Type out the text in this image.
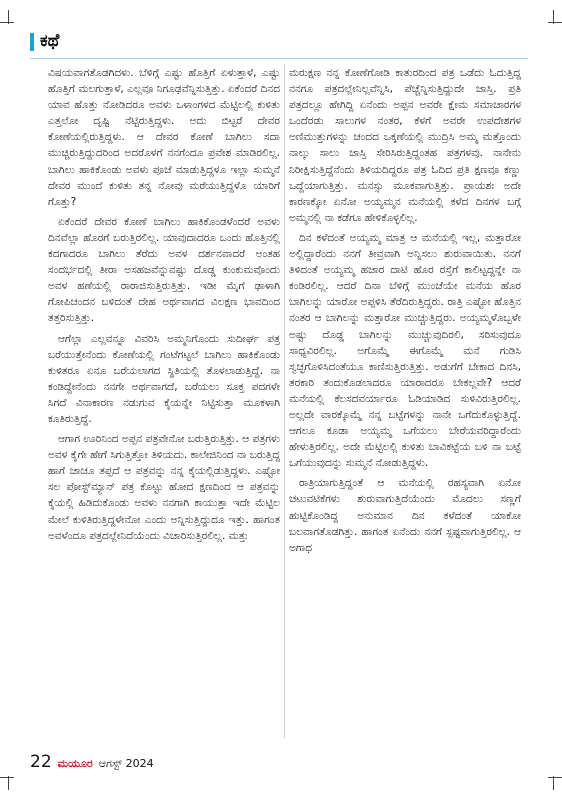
ಕಥೆ

ವಿಷಯವಾಗತೊಡಗಿದಳು. ಬೆಳಿಗ್ಗೆ ಎಷ್ಟು ಹೊತ್ತಿಗೆ ಏಳುತ್ತಾಳೆ, ಎಷ್ಟು ಹೊತ್ತಿಗೆ ಮಲಗುತ್ತಾಳೆ, ಎಲ್ಲವೂ ನಿಗೂಢವೆನ್ನಿಸುತ್ತಿತ್ತು. ಏಕೆಂದರೆ ದಿನದ ಯಾವ ಹೊತ್ತು ನೋಡಿದರೂ ಅವಳು ಒಳಾಂಗಳದ ಮೆಟ್ಟಿಲಲ್ಲಿ ಕುಳಿತು ಎತ್ತಲೋ ದೃಷ್ಟಿ ನೆಟ್ಟಿರುತ್ತಿದ್ದಳು. ಅದು ಬಿಟ್ಟರೆ ದೇವರ ಕೋಣೆಯಲ್ಲಿರುತ್ತಿದ್ದಳು. ಆ ದೇವರ ಕೋಣೆ ಬಾಗಿಲು ಸದಾ ಮುಚ್ಚಿರುತ್ತಿದ್ದುದರಿಂದ ಅದರೊಳಗೆ ನನಗೆಂದೂ ಪ್ರವೇಶ ಮಾಡಿರಲಿಲ್ಲ. ಬಾಗಿಲು ಹಾಕಿಕೊಂಡು ಅವಳು ಪೂಜೆ ಮಾಡುತ್ತಿದ್ದಳೂ ಇಲ್ಲಾ ಸುಮ್ಮನೆ ದೇವರ ಮುಂದೆ ಕುಳಿತು ತನ್ನ ನೋವು ಮರೆಯುತ್ತಿದ್ದಳೊ ಯಾರಿಗೆ ಗೊತ್ತು?

ಏಕೆಂದರೆ ದೇವರ ಕೋಣೆ ಬಾಗಿಲು ಹಾಕಿಕೊಂಡಳೆಂದರೆ ಅವಳು ದಿನವೆಲ್ಲಾ ಹೊರಗೆ ಬರುತ್ತಿರಲಿಲ್ಲ. ಯಾವುದಾದರೂ ಒಂದು ಹೊತ್ತಿನಲ್ಲಿ ಕದಗಾದರೂ ಬಾಗಿಲು ತೆರೆದು ಅವಳ ದರ್ಶನವಾದರೆ ಅಂತಹ ಸಂದರ್ಭದಲ್ಲಿ ತೀರಾ ಅಸಹಜವೆನ್ನುವಷ್ಟು ದೊಡ್ಡ ಕುಂಕುಮವೊಂದು ಅವಳ ಹಣೆಯಲ್ಲಿ ರಾರಾಜಿಸುತ್ತಿರುತ್ತಿತ್ತು. ಇಡೀ ಮೈಗೆ ಢಾಳಾಗಿ ಗೋಪಿಚಂದನ ಬಳಿದಂತೆ ದೇಹ ಅರ್ಥವಾಗದ ವಿಲಕ್ಷಣ ಭಾವದಿಂದ ತತ್ತರಿಸುತ್ತಿತ್ತು.

ಆಗೆಲ್ಲಾ ಎಲ್ಲವನ್ನೂ ವಿವರಿಸಿ ಅಮ್ಮನಿಗೊಂದು ಸುದೀರ್ಘ ಪತ್ರ ಬರೆಯುತ್ತೇನೆಂದು ಕೋಣೆಯಲ್ಲಿ ಗಂಟೆಗಟ್ಟಲೆ ಬಾಗಿಲು ಹಾಕಿಕೊಂಡು ಕುಳಿತರೂ ಏನೂ ಬರೆಯಲಾಗದ ಸ್ಥಿತಿಯಲ್ಲಿ ತೊಳಲಾಡುತ್ತಿದ್ದೆ. ನಾ ಕಂಡಿದ್ದೇನೆಂದು ನನಗೇ ಅರ್ಥವಾಗದೆ, ಬರೆಯಲು ಸೂಕ್ತ ಪದಗಳೇ ಸಿಗದೆ ವಿನಾಕಾರಣ ನಡುಗುವ ಕೈಯನ್ನೇ ನಿಟ್ಟಿಸುತ್ತಾ ಮೂಕಳಾಗಿ ಕೂತಿರುತ್ತಿದ್ದೆ.

ಆಗಾಗ ಊರಿನಿಂದ ಅಪ್ಪನ ಪತ್ರವೇನೋ ಬರುತ್ತಿರುತ್ತಿತ್ತು. ಆ ಪತ್ರಗಳು ಅವಳ ಕೈಗೇ ಹೇಗೆ ಸಿಗುತ್ತಿತ್ತೋ ತಿಳಿಯದು. ಕಾಲೇಜಿನಿಂದ ನಾ ಬರುತ್ತಿದ್ದ ಹಾಗೆ ಚಾಚೂ ತಪ್ಪದೆ ಆ ಪತ್ರವನ್ನು ನನ್ನ ಕೈಯಲ್ಲಿಡುತ್ತಿದ್ದಳು. ಎಷ್ಟೋ ಸಲ ಪೋಸ್ಟ್‌ಮ್ಯಾನ್ ಪತ್ರ ಕೊಟ್ಟು ಹೋದ ಕ್ಷಣದಿಂದ ಆ ಪತ್ರವನ್ನು ಕೈಯಲ್ಲಿ ಹಿಡಿದುಕೊಂಡು ಅವಳು ನನಗಾಗಿ ಕಾಯುತ್ತಾ ಇದೇ ಮೆಟ್ಟಿಲ ಮೇಲೆ ಕುಳಿತಿರುತ್ತಿದ್ದಳೇನೋ ಎಂದು ಅನ್ನಿಸುತ್ತಿದ್ದುದೂ ಇತ್ತು. ಹಾಗಂತ ಅವಳೆಂದೂ ಪತ್ರದಲ್ಲೇನಿದೆಯೆಂದು ವಿಚಾರಿಸುತ್ತಿರಲಿಲ್ಲ. ಮತ್ತು

ಮರುಕ್ಷಣ ನನ್ನ ಕೋಣೆಗೋಡಿ ಕಾತುರದಿಂದ ಪತ್ರ ಒಡೆದು ಓದುತ್ತಿದ್ದ ನನಗೂ ಪತ್ರದಲ್ಲೇನಿಲ್ಲವೆನ್ನಿಸಿ, ಪೆಚ್ಚೆನ್ನಿಸುತ್ತಿದ್ದುದೇ ಜಾಸ್ತಿ. ಪ್ರತಿ ಪತ್ರದಲ್ಲೂ ಹೇಗಿದ್ದಿ ಏನೆಂದು ಅಪ್ಪನ ಅವರೇ ಕ್ಷೇಮ ಸಮಾಚಾರಗಳ ಒಂದೆರಡು ಸಾಲುಗಳ ನಂತರ, ಕೆಳಗೆ ಅವರೇ ಉಪದೇಶಗಳ ಅಣಿಮುತ್ತುಗಳನ್ನು ಚಂದದ ಒಕ್ಕಣೆಯಲ್ಲಿ ಮುದ್ರಿಸಿ ಅಮ್ಮ ಮತ್ತೊಂದು ನಾಲ್ಕು ಸಾಲು ಜಾಸ್ತಿ ಸೇರಿಸಿರುತ್ತಿದ್ದಂತಹ ಪತ್ರಗಳವು. ನಾನೇನು ನಿರೀಕ್ಷಿಸುತ್ತಿದ್ದೆನೆಂದು ತಿಳಿಯದಿದ್ದರೂ ಪತ್ರ ಓದಿದ ಪ್ರತಿ ಕ್ಷಣವೂ ಕಣ್ಣು ಒದ್ದೆಯಾಗುತ್ತಿತ್ತು. ಮನಸ್ಸು ಮೂಕವಾಗುತ್ತಿತ್ತು. ಪ್ರಾಯಶಃ ಅದೇ ಕಾರಣಕ್ಕೋ ಏನೋ ಅಯ್ಯಮ್ಮನ ಮನೆಯಲ್ಲಿ ಕಳೆದ ದಿನಗಳ ಬಗ್ಗೆ ಅಮ್ಮನಲ್ಲಿ ನಾ ಕಡೆಗೂ ಹೇಳಿಕೊಳ್ಳಲಿಲ್ಲ.

ದಿನ ಕಳೆದಂತೆ ಅಯ್ಯಮ್ಮ ಮಾತ್ರ ಆ ಮನೆಯಲ್ಲಿ ಇಲ್ಲ, ಮತ್ತಾರೋ ಅಲ್ಲಿದ್ದಾರೆಂದು ನನಗೆ ತೀವ್ರವಾಗಿ ಅನ್ನಿಸಲು ಶುರುವಾಯಿತು. ನನಗೆ ತಿಳಿದಂತೆ ಅಯ್ಯಮ್ಮ ಹಜಾರ ದಾಟಿ ಹೊರ ರಸ್ತೆಗೆ ಕಾಲಿಟ್ಟದ್ದನ್ನೇ ನಾ ಕಂಡಿರಲಿಲ್ಲ. ಆದರೆ ದಿನಾ ಬೆಳಿಗ್ಗೆ ಮುಂಚೆಯೇ ಮನೆಯ ಹೊರ ಬಾಗಿಲನ್ನು ಯಾರೋ ಅಪ್ಪಳಿಸಿ ತೆರೆದಿರುತ್ತಿದ್ದರು. ರಾತ್ರಿ ಎಷ್ಟೋ ಹೊತ್ತಿನ ನಂತರ ಆ ಬಾಗಿಲನ್ನು ಮತ್ತಾರೋ ಮುಚ್ಚುತ್ತಿದ್ದರು. ಅಯ್ಯಮ್ಮಳೊಬ್ಬಳೇ ಅಷ್ಟು ದೊಡ್ಡ ಬಾಗಿಲನ್ನು ಮುಚ್ಚುವುದಿರಲಿ, ಸರಿಸುವುದೂ ಸಾಧ್ಯವಿರಲಿಲ್ಲ. ಅಗೊಮ್ಮೆ ಈಗೊಮ್ಮೆ ಮನೆ ಗುಡಿಸಿ ಸ್ವಚ್ಛಗೊಳಿಸಿದಂತೆಯೂ ಕಾಣಿಸುತ್ತಿರುತ್ತಿತ್ತು. ಅಡುಗೆಗೆ ಬೇಕಾದ ದಿನಸಿ, ತರಕಾರಿ ತಂದುಕೊಡಲಾದರೂ ಯಾರಾದರೂ ಬೇಕಲ್ಲವೇ? ಆದರೆ ಮನೆಯಲ್ಲಿ ಕೆಲಸದವರ್ಯಾರೂ ಓಡಿಯಾಡಿದ ಸುಳಿವಿರುತ್ತಿರಲಿಲ್ಲ. ಅಲ್ಲದೇ ವಾರಕ್ಕೊಮ್ಮೆ ನನ್ನ ಬಟ್ಟೆಗಳನ್ನು ನಾನೇ ಒಗೆದುಕೊಳ್ಳುತ್ತಿದ್ದೆ. ಆಗಲೂ ಕೂಡಾ ಅಯ್ಯಮ್ಮ ಒಗೆಯಲು ಬೇರೆಯವರಿದ್ದಾರೆಂದು ಹೇಳುತ್ತಿರಲಿಲ್ಲ. ಅದೇ ಮೆಟ್ಟಿಲಲ್ಲಿ ಕುಳಿತು ಬಾವಿಕಟ್ಟೆಯ ಬಳಿ ನಾ ಬಟ್ಟೆ ಒಗೆಯುವುದನ್ನು ಸುಮ್ಮನೆ ನೋಡುತ್ತಿದ್ದಳು.

ರಾತ್ರಿಯಾಗುತ್ತಿದ್ದಂತೆ ಆ ಮನೆಯಲ್ಲಿ ರಹಸ್ಯವಾಗಿ ಏನೋ ಚಟುವಟಿಕೆಗಳು ಶುರುವಾಗುತ್ತಿದೆಯೆಂದು ಮೊದಲು ಸಣ್ಣಗೆ ಹುಟ್ಟಿಕೊಂಡಿದ್ದ ಅನುಮಾನ ದಿನ ಕಳೆದಂತೆ ಯಾಕೋ ಬಲವಾಗತೊಡಗಿತ್ತು. ಹಾಗಂತ ಏನೆಂದು ನನಗೆ ಸ್ಪಷ್ಟವಾಗುತ್ತಿರಲಿಲ್ಲ. ಆ ಅಗಾಧ

22 ಮಯೂರ ಆಗಸ್ಟ್ 2024
